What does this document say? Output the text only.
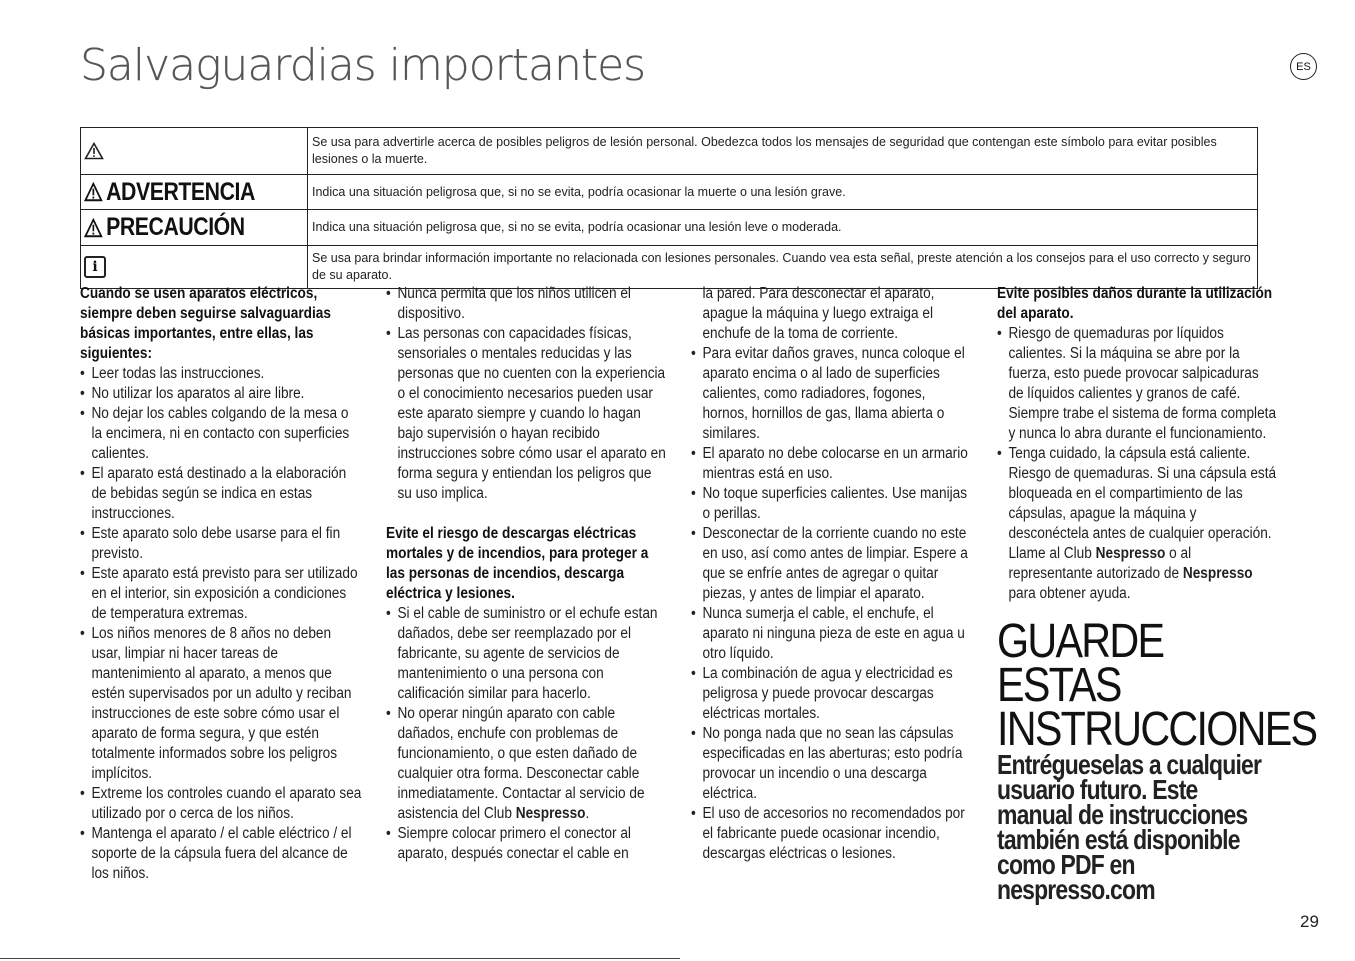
Salvaguardias importantes	ES
	Se usa para advertirle acerca de posibles peligros de lesión personal. Obedezca todos los mensajes de seguridad que contengan este símbolo para evitar posibles lesiones o la muerte.

ADVERTENCIA	Indica una situación peligrosa que, si no se evita, podría ocasionar la muerte o una lesión grave.

PRECAUCIÓN	Indica una situación peligrosa que, si no se evita, podría ocasionar una lesión leve o moderada.

i	Se usa para brindar información importante no relacionada con lesiones personales. Cuando vea esta señal, preste atención a los consejos para el uso correcto y seguro de su aparato.
Cuando se usen aparatos eléctricos, siempre deben seguirse salvaguardias básicas importantes, entre ellas, las siguientes:
• Leer todas las instrucciones.
• No utilizar los aparatos al aire libre.
• No dejar los cables colgando de la mesa o la encimera, ni en contacto con superficies calientes.
• El aparato está destinado a la elaboración de bebidas según se indica en estas instrucciones.
• Este aparato solo debe usarse para el fin previsto.
• Este aparato está previsto para ser utilizado en el interior, sin exposición a condiciones de temperatura extremas.
• Los niños menores de 8 años no deben usar, limpiar ni hacer tareas de mantenimiento al aparato, a menos que estén supervisados por un adulto y reciban instrucciones de este sobre cómo usar el aparato de forma segura, y que estén totalmente informados sobre los peligros implícitos.
• Extreme los controles cuando el aparato sea utilizado por o cerca de los niños.
• Mantenga el aparato / el cable eléctrico / el soporte de la cápsula fuera del alcance de los niños.
• Nunca permita que los niños utilicen el dispositivo.
• Las personas con capacidades físicas, sensoriales o mentales reducidas y las personas que no cuenten con la experiencia o el conocimiento necesarios pueden usar este aparato siempre y cuando lo hagan bajo supervisión o hayan recibido instrucciones sobre cómo usar el aparato en forma segura y entiendan los peligros que su uso implica.
Evite el riesgo de descargas eléctricas mortales y de incendios, para proteger a las personas de incendios, descarga eléctrica y lesiones.
• Si el cable de suministro or el echufe estan dañados, debe ser reemplazado por el fabricante, su agente de servicios de mantenimiento o una persona con calificación similar para hacerlo.
• No operar ningún aparato con cable dañados, enchufe con problemas de funcionamiento, o que esten dañado de cualquier otra forma. Desconectar cable inmediatamente. Contactar al servicio de asistencia del Club Nespresso.
• Siempre colocar primero el conector al aparato, después conectar el cable en

la pared. Para desconectar el aparato, apague la máquina y luego extraiga el enchufe de la toma de corriente.

• Para evitar daños graves, nunca coloque el aparato encima o al lado de superficies calientes, como radiadores, fogones, hornos, hornillos de gas, llama abierta o similares.
• El aparato no debe colocarse en un armario mientras está en uso.
• No toque superficies calientes. Use manijas o perillas.
• Desconectar de la corriente cuando no este en uso, así como antes de limpiar. Espere a que se enfríe antes de agregar o quitar piezas, y antes de limpiar el aparato.
• Nunca sumerja el cable, el enchufe, el aparato ni ninguna pieza de este en agua u otro líquido.
• La combinación de agua y electricidad es peligrosa y puede provocar descargas eléctricas mortales.
• No ponga nada que no sean las cápsulas especificadas en las aberturas; esto podría provocar un incendio o una descarga eléctrica.
• El uso de accesorios no recomendados por el fabricante puede ocasionar incendio, descargas eléctricas o lesiones.
Evite posibles daños durante la utilización del aparato.
• Riesgo de quemaduras por líquidos calientes. Si la máquina se abre por la fuerza, esto puede provocar salpicaduras de líquidos calientes y granos de café. Siempre trabe el sistema de forma completa y nunca lo abra durante el funcionamiento.
• Tenga cuidado, la cápsula está caliente. Riesgo de quemaduras. Si una cápsula está bloqueada en el compartimiento de las cápsulas, apague la máquina y desconéctela antes de cualquier operación. Llame al Club Nespresso o al representante autorizado de Nespresso para obtener ayuda.
GUARDE ESTAS INSTRUCCIONES
Entrégueselas a cualquier usuario futuro. Este manual de instrucciones también está disponible como PDF en nespresso.com
29
